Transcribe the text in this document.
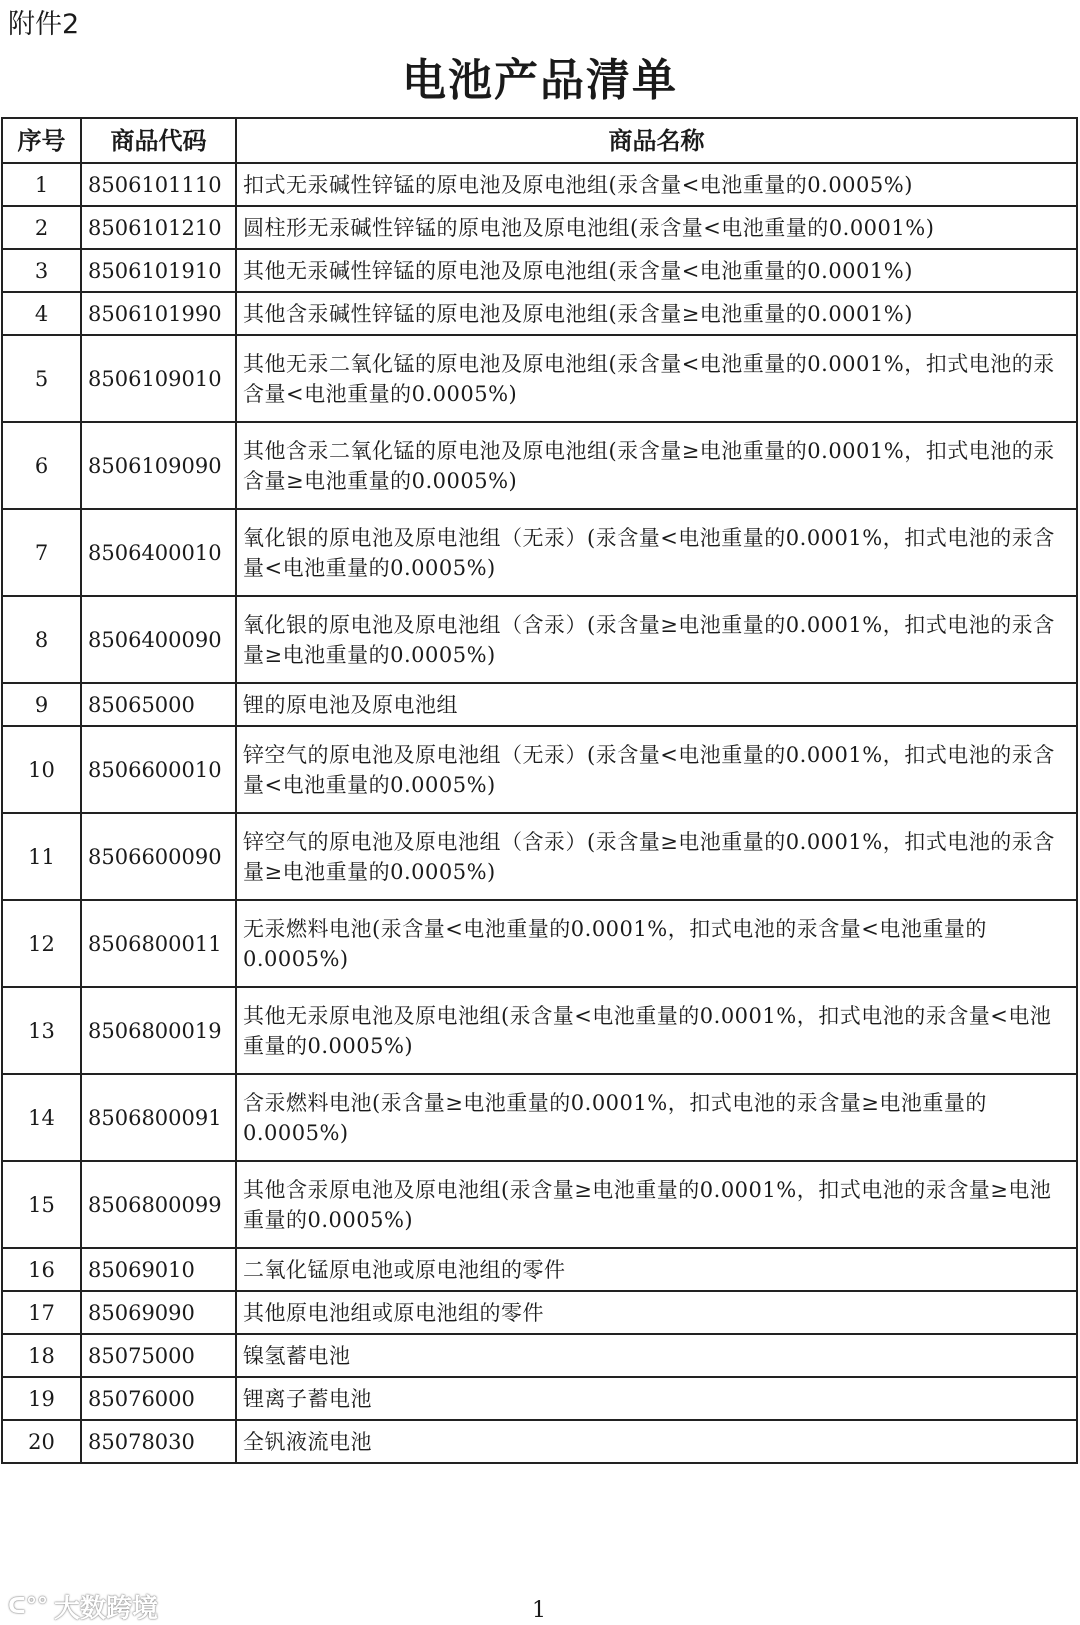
附件2
电池产品清单
序号	商品代码	商品名称
1	8506101110	扣式无汞碱性锌锰的原电池及原电池组(汞含量<电池重量的0.0005%)
2	8506101210	圆柱形无汞碱性锌锰的原电池及原电池组(汞含量<电池重量的0.0001%)
3	8506101910	其他无汞碱性锌锰的原电池及原电池组(汞含量<电池重量的0.0001%)
4	8506101990	其他含汞碱性锌锰的原电池及原电池组(汞含量≥电池重量的0.0001%)
5	8506109010	其他无汞二氧化锰的原电池及原电池组(汞含量<电池重量的0.0001%，扣式电池的汞含量<电池重量的0.0005%)
6	8506109090	其他含汞二氧化锰的原电池及原电池组(汞含量≥电池重量的0.0001%，扣式电池的汞含量≥电池重量的0.0005%)
7	8506400010	氧化银的原电池及原电池组（无汞）(汞含量<电池重量的0.0001%，扣式电池的汞含量<电池重量的0.0005%)
8	8506400090	氧化银的原电池及原电池组（含汞）(汞含量≥电池重量的0.0001%，扣式电池的汞含量≥电池重量的0.0005%)
9	85065000	锂的原电池及原电池组
10	8506600010	锌空气的原电池及原电池组（无汞）(汞含量<电池重量的0.0001%，扣式电池的汞含量<电池重量的0.0005%)
11	8506600090	锌空气的原电池及原电池组（含汞）(汞含量≥电池重量的0.0001%，扣式电池的汞含量≥电池重量的0.0005%)
12	8506800011	无汞燃料电池(汞含量<电池重量的0.0001%，扣式电池的汞含量<电池重量的0.0005%)
13	8506800019	其他无汞原电池及原电池组(汞含量<电池重量的0.0001%，扣式电池的汞含量<电池重量的0.0005%)
14	8506800091	含汞燃料电池(汞含量≥电池重量的0.0001%，扣式电池的汞含量≥电池重量的0.0005%)
15	8506800099	其他含汞原电池及原电池组(汞含量≥电池重量的0.0001%，扣式电池的汞含量≥电池重量的0.0005%)
16	85069010	二氧化锰原电池或原电池组的零件
17	85069090	其他原电池组或原电池组的零件
18	85075000	镍氢蓄电池
19	85076000	锂离子蓄电池
20	85078030	全钒液流电池
ᑕ°° 大数跨境	1
